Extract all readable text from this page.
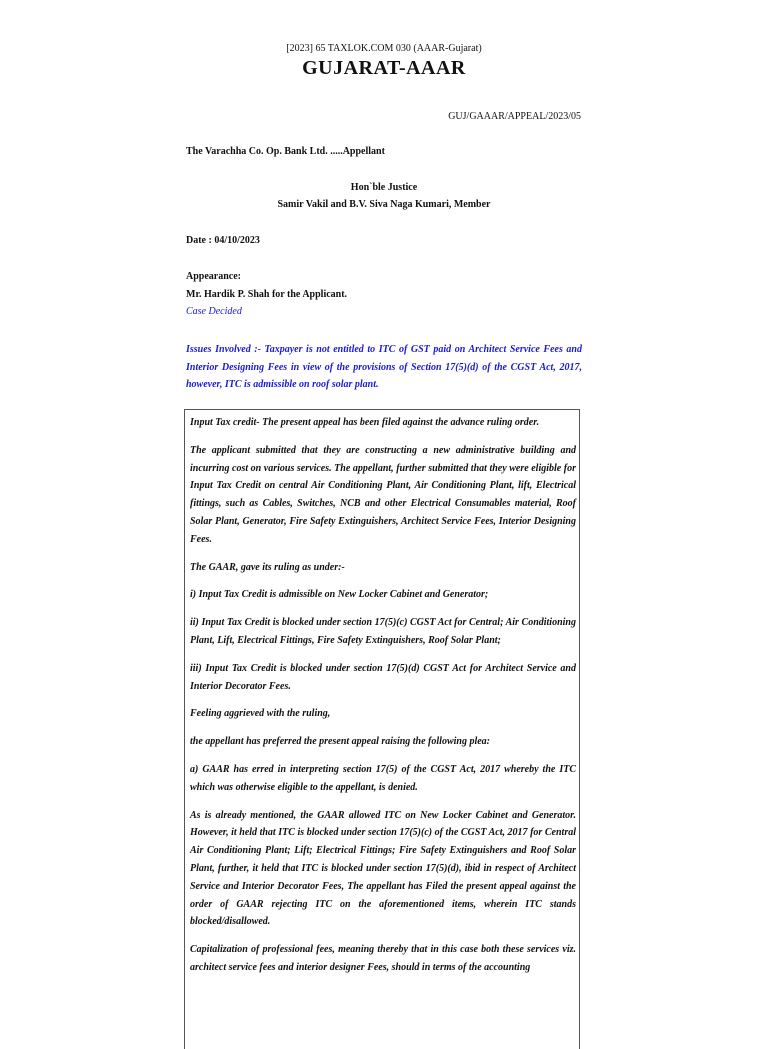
[2023] 65 TAXLOK.COM 030 (AAAR-Gujarat)
GUJARAT-AAAR
GUJ/GAAAR/APPEAL/2023/05
The Varachha Co. Op. Bank Ltd. .....Appellant
Hon`ble Justice
Samir Vakil and B.V. Siva Naga Kumari, Member
Date : 04/10/2023
Appearance:
Mr. Hardik P. Shah for the Applicant.
Case Decided
Issues Involved :- Taxpayer is not entitled to ITC of GST paid on Architect Service Fees and Interior Designing Fees in view of the provisions of Section 17(5)(d) of the CGST Act, 2017, however, ITC is admissible on roof solar plant.

Input Tax credit- The present appeal has been filed against the advance ruling order.

The applicant submitted that they are constructing a new administrative building and incurring cost on various services. The appellant, further submitted that they were eligible for Input Tax Credit on central Air Conditioning Plant, Air Conditioning Plant, lift, Electrical fittings, such as Cables, Switches, NCB and other Electrical Consumables material, Roof Solar Plant, Generator, Fire Safety Extinguishers, Architect Service Fees, Interior Designing Fees.

The GAAR, gave its ruling as under:-

i) Input Tax Credit is admissible on New Locker Cabinet and Generator;

ii) Input Tax Credit is blocked under section 17(5)(c) CGST Act for Central; Air Conditioning Plant, Lift, Electrical Fittings, Fire Safety Extinguishers, Roof Solar Plant;

iii) Input Tax Credit is blocked under section 17(5)(d) CGST Act for Architect Service and Interior Decorator Fees.

Feeling aggrieved with the ruling,

the appellant has preferred the present appeal raising the following plea:

a) GAAR has erred in interpreting section 17(5) of the CGST Act, 2017 whereby the ITC which was otherwise eligible to the appellant, is denied.

As is already mentioned, the GAAR allowed ITC on New Locker Cabinet and Generator. However, it held that ITC is blocked under section 17(5)(c) of the CGST Act, 2017 for Central Air Conditioning Plant; Lift; Electrical Fittings; Fire Safety Extinguishers and Roof Solar Plant, further, it held that ITC is blocked under section 17(5)(d), ibid in respect of Architect Service and Interior Decorator Fees, The appellant has Filed the present appeal against the order of GAAR rejecting ITC on the aforementioned items, wherein ITC stands blocked/disallowed.

Capitalization of professional fees, meaning thereby that in this case both these services viz. architect service fees and interior designer Fees, should in terms of the accounting
